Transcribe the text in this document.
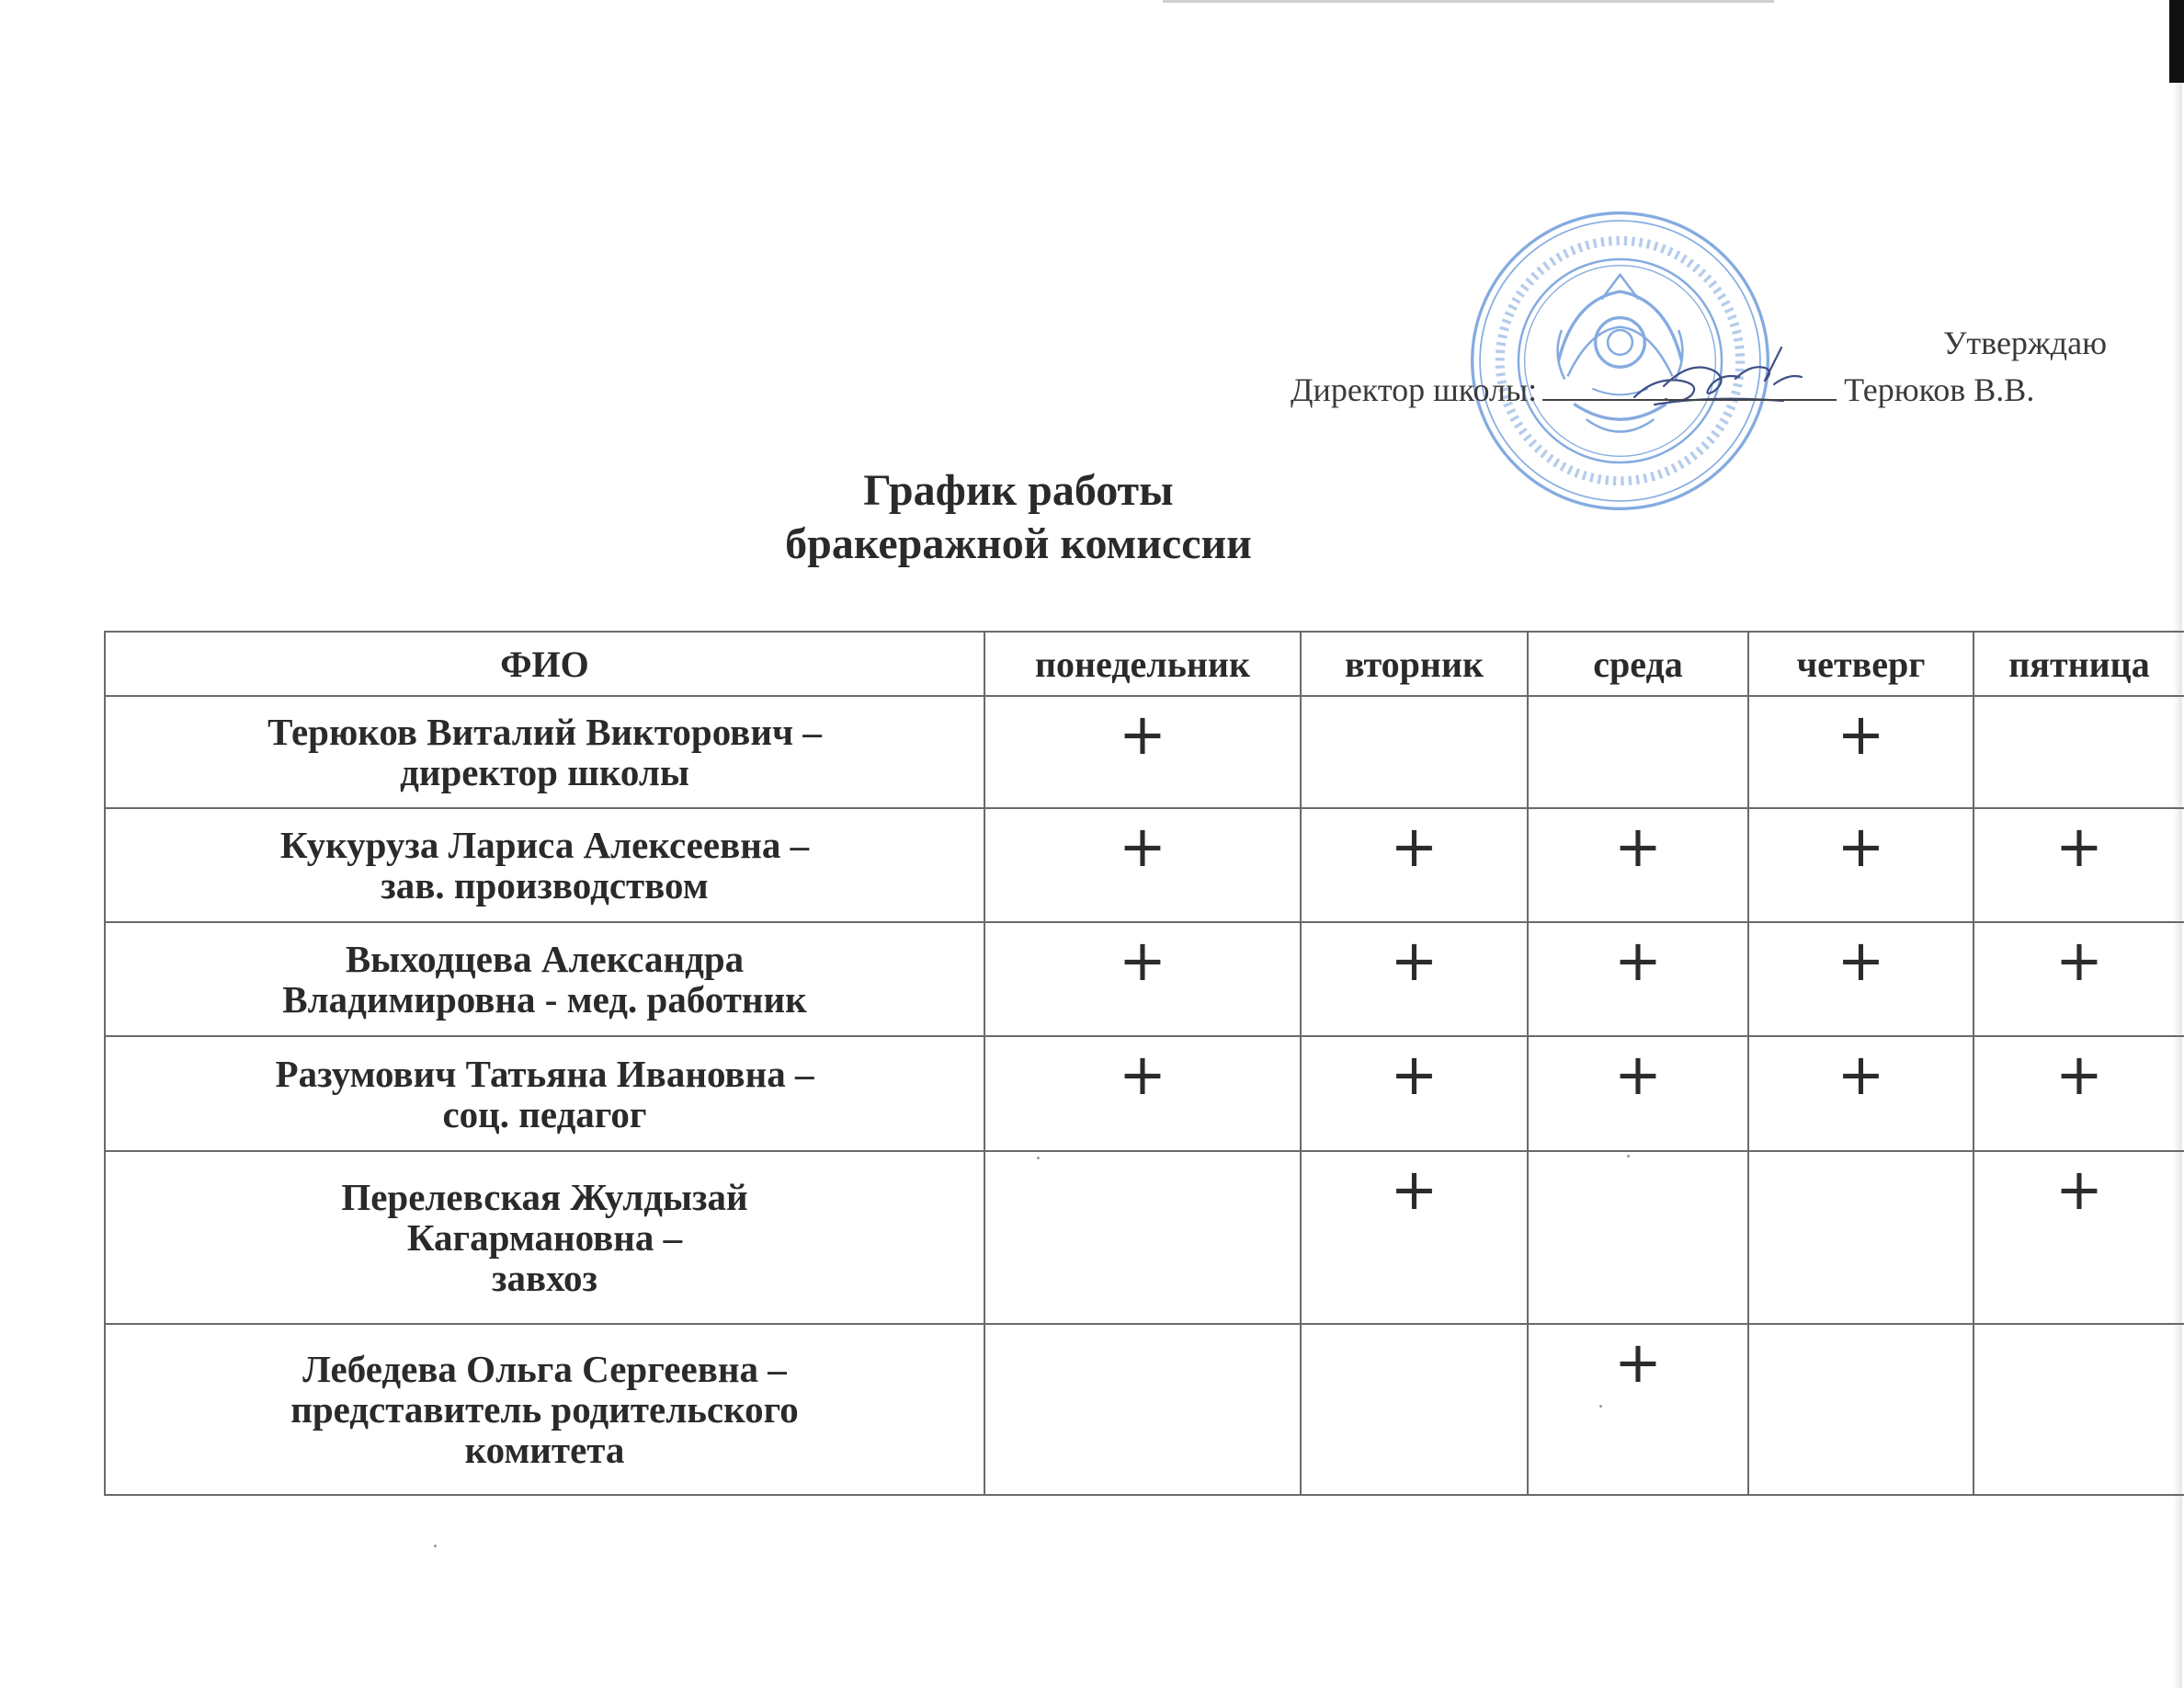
Утверждаю
Директор школы:	Терюков В.В.
График работы
бракеражной комиссии
ФИО	понедельник	вторник	среда	четверг	пятница

Терюков Виталий Викторович –
директор школы	+			+	

Кукуруза Лариса Алексеевна –
зав. производством	+	+	+	+	+

Выходцева Александра
Владимировна - мед. работник	+	+	+	+	+

Разумович Татьяна Ивановна –
соц. педагог	+	+	+	+	+

Перелевская Жулдызай
Кагармановна –
завхоз		+			+

Лебедева Ольга Сергеевна –
представитель родительского
комитета			+		
